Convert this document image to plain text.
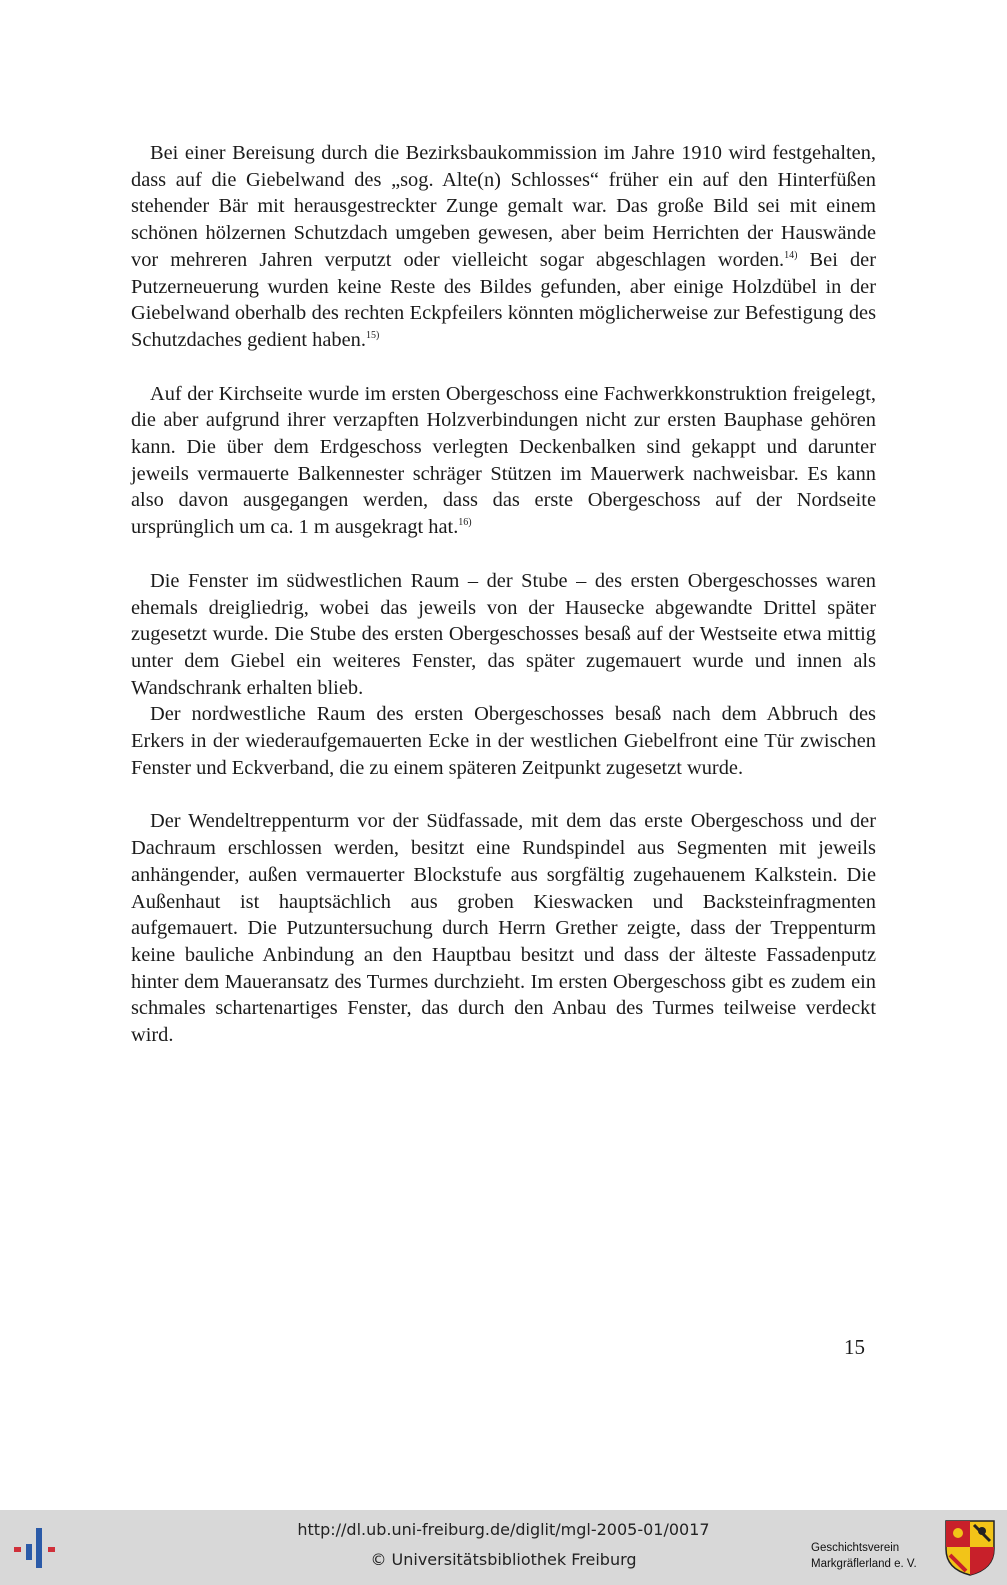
Bei einer Bereisung durch die Bezirksbaukommission im Jahre 1910 wird festgehalten, dass auf die Giebelwand des „sog. Alte(n) Schlosses“ früher ein auf den Hinterfüßen stehender Bär mit herausgestreckter Zunge gemalt war. Das große Bild sei mit einem schönen hölzernen Schutzdach umgeben gewesen, aber beim Herrichten der Hauswände vor mehreren Jahren verputzt oder vielleicht sogar abgeschlagen worden.$^{14)}$ Bei der Putzerneuerung wurden keine Reste des Bildes gefunden, aber einige Holzdübel in der Giebelwand oberhalb des rechten Eckpfeilers könnten möglicherweise zur Befestigung des Schutzdaches gedient haben.$^{15)}$

Auf der Kirchseite wurde im ersten Obergeschoss eine Fachwerkkonstruktion freigelegt, die aber aufgrund ihrer verzapften Holzverbindungen nicht zur ersten Bauphase gehören kann. Die über dem Erdgeschoss verlegten Deckenbalken sind gekappt und darunter jeweils vermauerte Balkennester schräger Stützen im Mauerwerk nachweisbar. Es kann also davon ausgegangen werden, dass das erste Obergeschoss auf der Nordseite ursprünglich um ca. 1 m ausgekragt hat.$^{16)}$

Die Fenster im südwestlichen Raum – der Stube – des ersten Obergeschosses waren ehemals dreigliedrig, wobei das jeweils von der Hausecke abgewandte Drittel später zugesetzt wurde. Die Stube des ersten Obergeschosses besaß auf der Westseite etwa mittig unter dem Giebel ein weiteres Fenster, das später zugemauert wurde und innen als Wandschrank erhalten blieb.

Der nordwestliche Raum des ersten Obergeschosses besaß nach dem Abbruch des Erkers in der wiederaufgemauerten Ecke in der westlichen Giebelfront eine Tür zwischen Fenster und Eckverband, die zu einem späteren Zeitpunkt zugesetzt wurde.

Der Wendeltreppenturm vor der Südfassade, mit dem das erste Obergeschoss und der Dachraum erschlossen werden, besitzt eine Rundspindel aus Segmenten mit jeweils anhängender, außen vermauerter Blockstufe aus sorgfältig zugehauenem Kalkstein. Die Außenhaut ist hauptsächlich aus groben Kieswacken und Backsteinfragmenten aufgemauert. Die Putzuntersuchung durch Herrn Grether zeigte, dass der Treppenturm keine bauliche Anbindung an den Hauptbau besitzt und dass der älteste Fassadenputz hinter dem Maueransatz des Turmes durchzieht. Im ersten Obergeschoss gibt es zudem ein schmales schartenartiges Fenster, das durch den Anbau des Turmes teilweise verdeckt wird.

15
http://dl.ub.uni-freiburg.de/diglit/mgl-2005-01/0017
© Universitätsbibliothek Freiburg
Geschichtsverein
Markgräflerland e. V.
